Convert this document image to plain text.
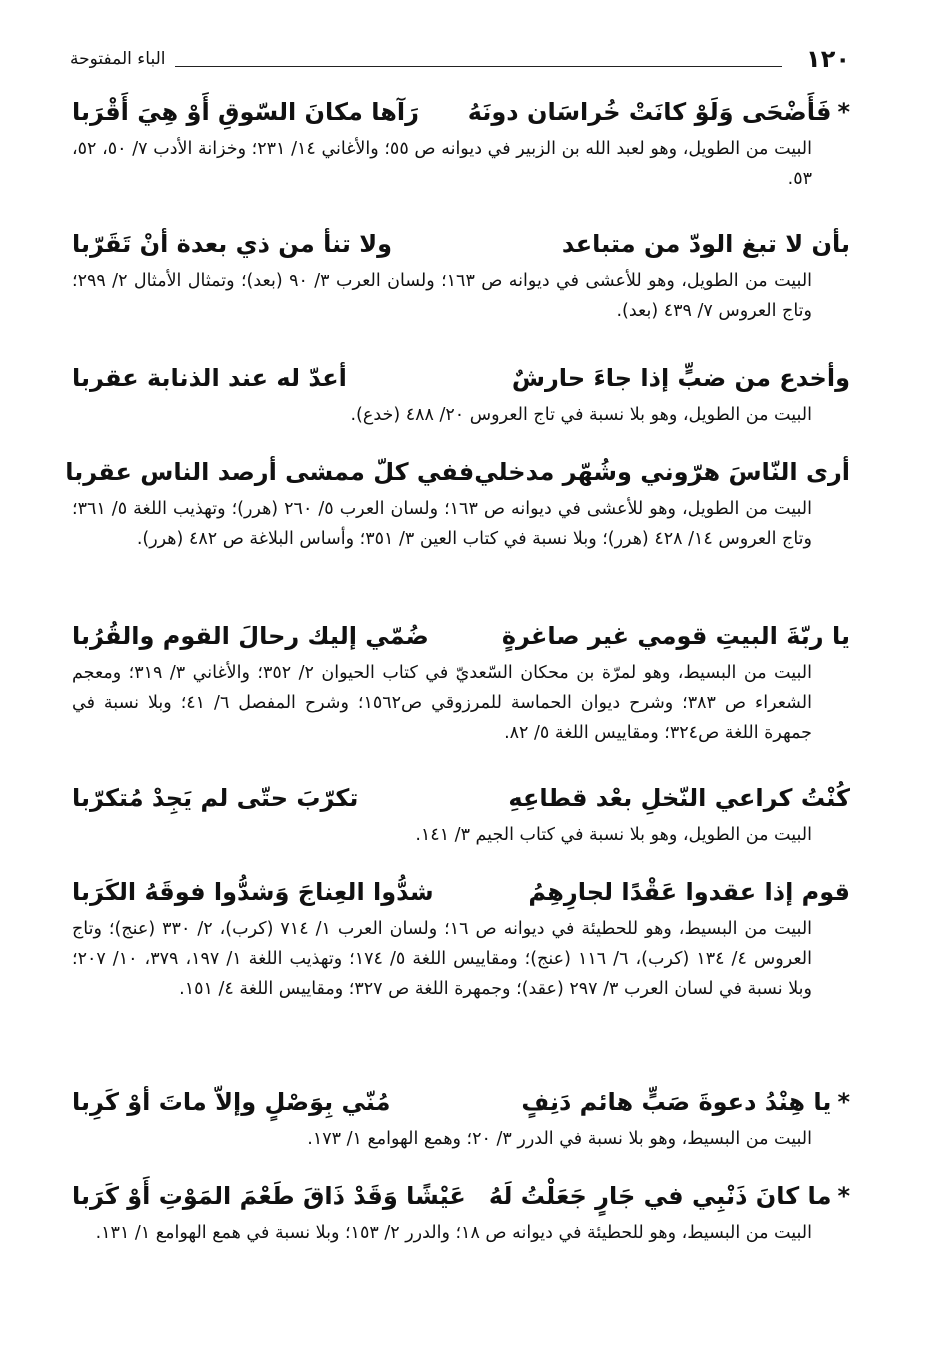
١٢٠
الباء المفتوحة
*فَأَضْحَى وَلَوْ كانَتْ خُراسَان دونَهُ
رَآها مكانَ السّوقِ أَوْ هِيَ أَقْرَبا
البيت من الطويل، وهو لعبد الله بن الزبير في ديوانه ص ٥٥؛ والأغاني ١٤/ ٢٣١؛ وخزانة الأدب ٧/ ٥٠، ٥٢، ٥٣.
بأن لا تبغ الودّ من متباعد
ولا تنأ من ذي بعدة أنْ تَقَرّبا
البيت من الطويل، وهو للأعشى في ديوانه ص ١٦٣؛ ولسان العرب ٣/ ٩٠ (بعد)؛ وتمثال الأمثال ٢/ ٢٩٩؛ وتاج العروس ٧/ ٤٣٩ (بعد).
وأخدع من ضبٍّ إذا جاءَ حارشٌ
أعدّ له عند الذنابة عقربا
البيت من الطويل، وهو بلا نسبة في تاج العروس ٢٠/ ٤٨٨ (خدع).
أرى النّاسَ هرّوني وشُهّر مدخلي
ففي كلّ ممشى أرصد الناس عقربا
البيت من الطويل، وهو للأعشى في ديوانه ص ١٦٣؛ ولسان العرب ٥/ ٢٦٠ (هرر)؛ وتهذيب اللغة ٥/ ٣٦١؛ وتاج العروس ١٤/ ٤٢٨ (هرر)؛ وبلا نسبة في كتاب العين ٣/ ٣٥١؛ وأساس البلاغة ص ٤٨٢ (هرر).
يا ربّةَ البيتِ قومي غير صاغرةٍ
ضُمّي إليك رحالَ القوم والقُرُبا
البيت من البسيط، وهو لمرّة بن محكان السّعديّ في كتاب الحيوان ٢/ ٣٥٢؛ والأغاني ٣/ ٣١٩؛ ومعجم الشعراء ص ٣٨٣؛ وشرح ديوان الحماسة للمرزوقي ص١٥٦٢؛ وشرح المفصل ٦/ ٤١؛ وبلا نسبة في جمهرة اللغة ص٣٢٤؛ ومقاييس اللغة ٥/ ٨٢.
كُنْتُ كراعي النّخلِ بعْد قطاعِهِ
تكرّبَ حتّى لم يَجِدْ مُتكرّبا
البيت من الطويل، وهو بلا نسبة في كتاب الجيم ٣/ ١٤١.
قوم إذا عقدوا عَقْدًا لجارِهِمُ
شدُّوا العِناجَ وَشدُّوا فوقَهُ الكَرَبا
البيت من البسيط، وهو للحطيئة في ديوانه ص ١٦؛ ولسان العرب ١/ ٧١٤ (كرب)، ٢/ ٣٣٠ (عنج)؛ وتاج العروس ٤/ ١٣٤ (كرب)، ٦/ ١١٦ (عنج)؛ ومقاييس اللغة ٥/ ١٧٤؛ وتهذيب اللغة ١/ ١٩٧، ٣٧٩، ١٠/ ٢٠٧؛ وبلا نسبة في لسان العرب ٣/ ٢٩٧ (عقد)؛ وجمهرة اللغة ص ٣٢٧؛ ومقاييس اللغة ٤/ ١٥١.
*يا هِنْدُ دعوةَ صَبٍّ هائم دَنِفٍ
مُنّي بِوَصْلٍ وإلاّ ماتَ أوْ كَرِبا
البيت من البسيط، وهو بلا نسبة في الدرر ٣/ ٢٠؛ وهمع الهوامع ١/ ١٧٣.
*ما كانَ ذَنْبِي في جَارٍ جَعَلْتُ لَهُ
عَيْشًا وَقَدْ ذَاقَ طَعْمَ المَوْتِ أَوْ كَرَبا
البيت من البسيط، وهو للحطيئة في ديوانه ص ١٨؛ والدرر ٢/ ١٥٣؛ وبلا نسبة في همع الهوامع ١/ ١٣١.
